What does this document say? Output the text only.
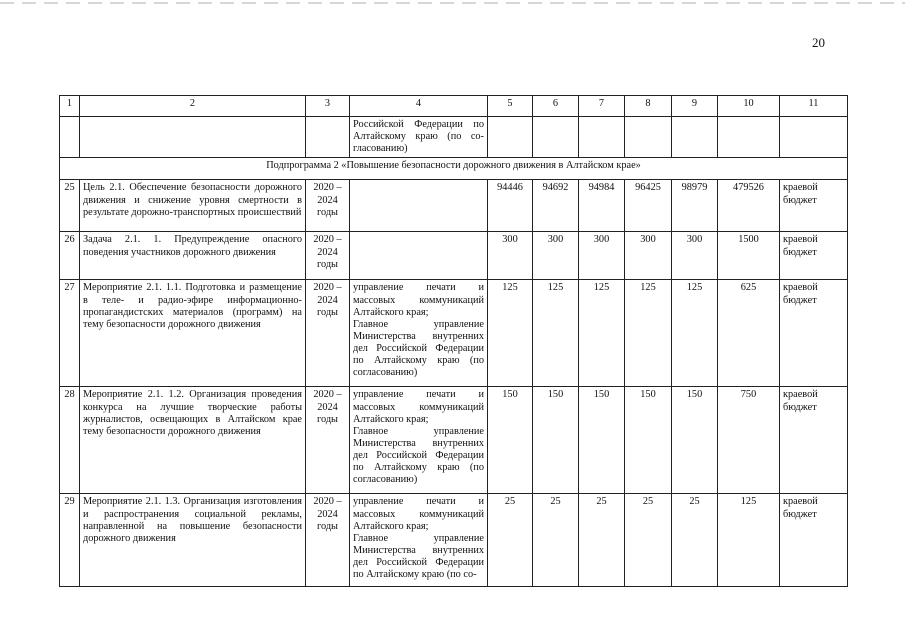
20
1	2	3	4	5	6	7	8	9	10	11
			Российской Федерации по Алтайскому краю (по со-гласованию)							
Подпрограмма 2 «Повышение безопасности дорожного движения в Алтайском крае»										
25	Цель 2.1. Обеспечение безопасности дорожного движения и снижение уровня смертности в результате дорожно-транспортных происшествий	2020 – 2024 годы		94446	94692	94984	96425	98979	479526	краевой бюджет
26	Задача 2.1. 1. Предупреждение опасного поведения участников дорожного движения	2020 – 2024 годы		300	300	300	300	300	1500	краевой бюджет
27	Мероприятие 2.1. 1.1. Подготовка и размещение в теле- и радио-эфире информационно-пропагандистских материалов (программ) на тему безопасности дорожного движения	2020 – 2024 годы	управление печати и массовых коммуникаций Алтайского края;
Главное управление Министерства внутренних дел Российской Федерации по Алтайскому краю (по согласованию)	125	125	125	125	125	625	краевой бюджет
28	Мероприятие 2.1. 1.2. Организация проведения конкурса на лучшие творческие работы журналистов, освещающих в Алтайском крае тему безопасности дорожного движения	2020 – 2024 годы	управление печати и массовых коммуникаций Алтайского края;
Главное управление Министерства внутренних дел Российской Федерации по Алтайскому краю (по согласованию)	150	150	150	150	150	750	краевой бюджет
29	Мероприятие 2.1. 1.3. Организация изготовления и распространения социальной рекламы, направленной на повышение безопасности дорожного движения	2020 – 2024 годы	управление печати и массовых коммуникаций Алтайского края;
Главное управление Министерства внутренних дел Российской Федерации по Алтайскому краю (по со-	25	25	25	25	25	125	краевой бюджет
